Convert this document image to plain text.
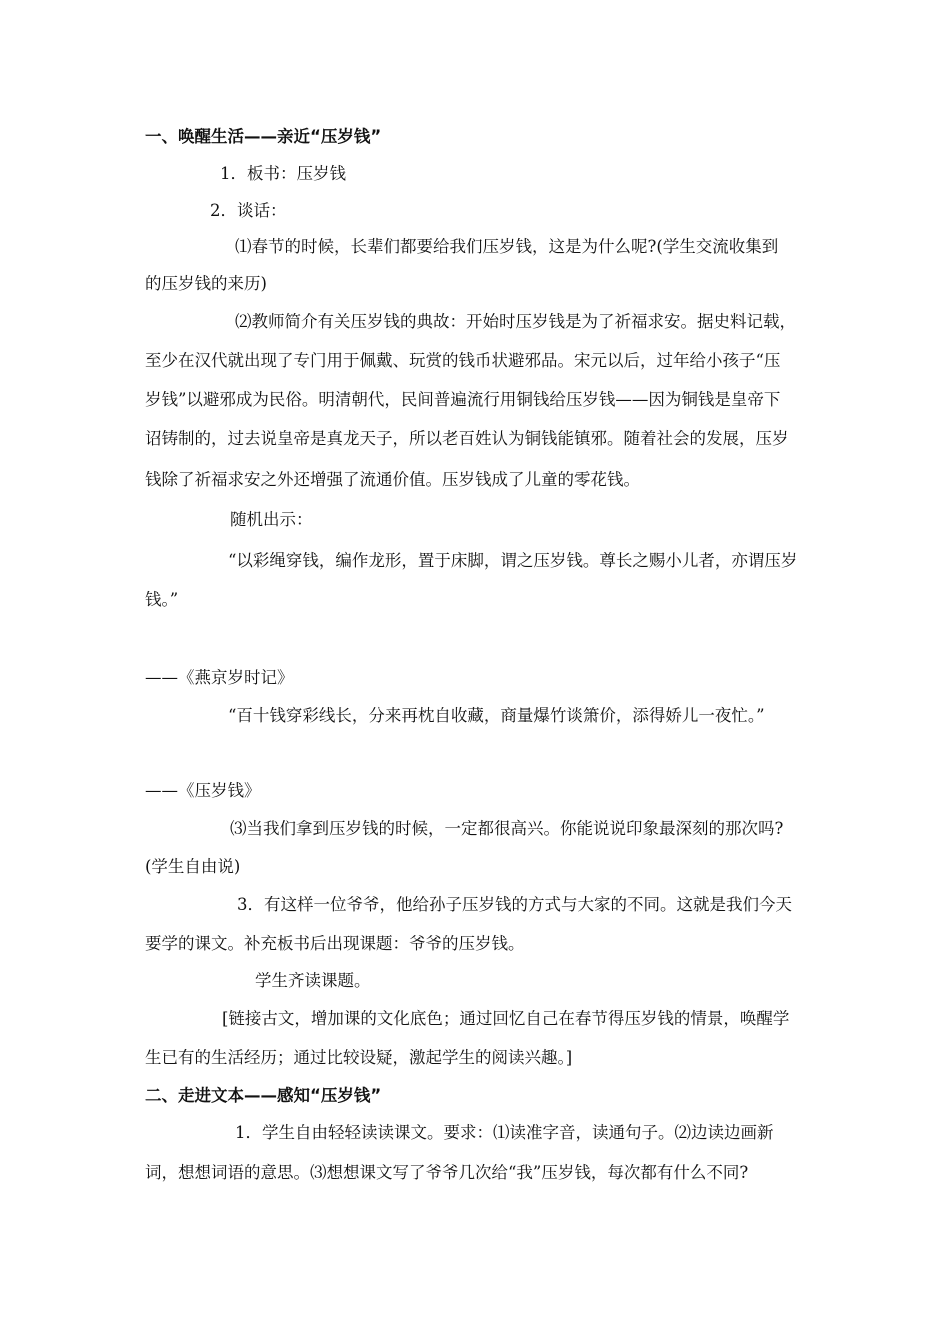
一、唤醒生活——亲近“压岁钱”
1．板书：压岁钱
2．谈话：
⑴春节的时候，长辈们都要给我们压岁钱，这是为什么呢?(学生交流收集到
的压岁钱的来历)
⑵教师简介有关压岁钱的典故：开始时压岁钱是为了祈福求安。据史料记载，
至少在汉代就出现了专门用于佩戴、玩赏的钱币状避邪品。宋元以后，过年给小孩子“压
岁钱”以避邪成为民俗。明清朝代，民间普遍流行用铜钱给压岁钱——因为铜钱是皇帝下
诏铸制的，过去说皇帝是真龙天子，所以老百姓认为铜钱能镇邪。随着社会的发展，压岁
钱除了祈福求安之外还增强了流通价值。压岁钱成了儿童的零花钱。
随机出示：
“以彩绳穿钱，编作龙形，置于床脚，谓之压岁钱。尊长之赐小儿者，亦谓压岁
钱。”
——《燕京岁时记》
“百十钱穿彩线长，分来再枕自收藏，商量爆竹谈箫价，添得娇儿一夜忙。”
——《压岁钱》
⑶当我们拿到压岁钱的时候，一定都很高兴。你能说说印象最深刻的那次吗?
(学生自由说)
3．有这样一位爷爷，他给孙子压岁钱的方式与大家的不同。这就是我们今天
要学的课文。补充板书后出现课题：爷爷的压岁钱。
学生齐读课题。
[链接古文，增加课的文化底色；通过回忆自己在春节得压岁钱的情景，唤醒学
生已有的生活经历；通过比较设疑，激起学生的阅读兴趣。]
二、走进文本——感知“压岁钱”
1．学生自由轻轻读读课文。要求：⑴读准字音，读通句子。⑵边读边画新
词，想想词语的意思。⑶想想课文写了爷爷几次给“我”压岁钱，每次都有什么不同?
